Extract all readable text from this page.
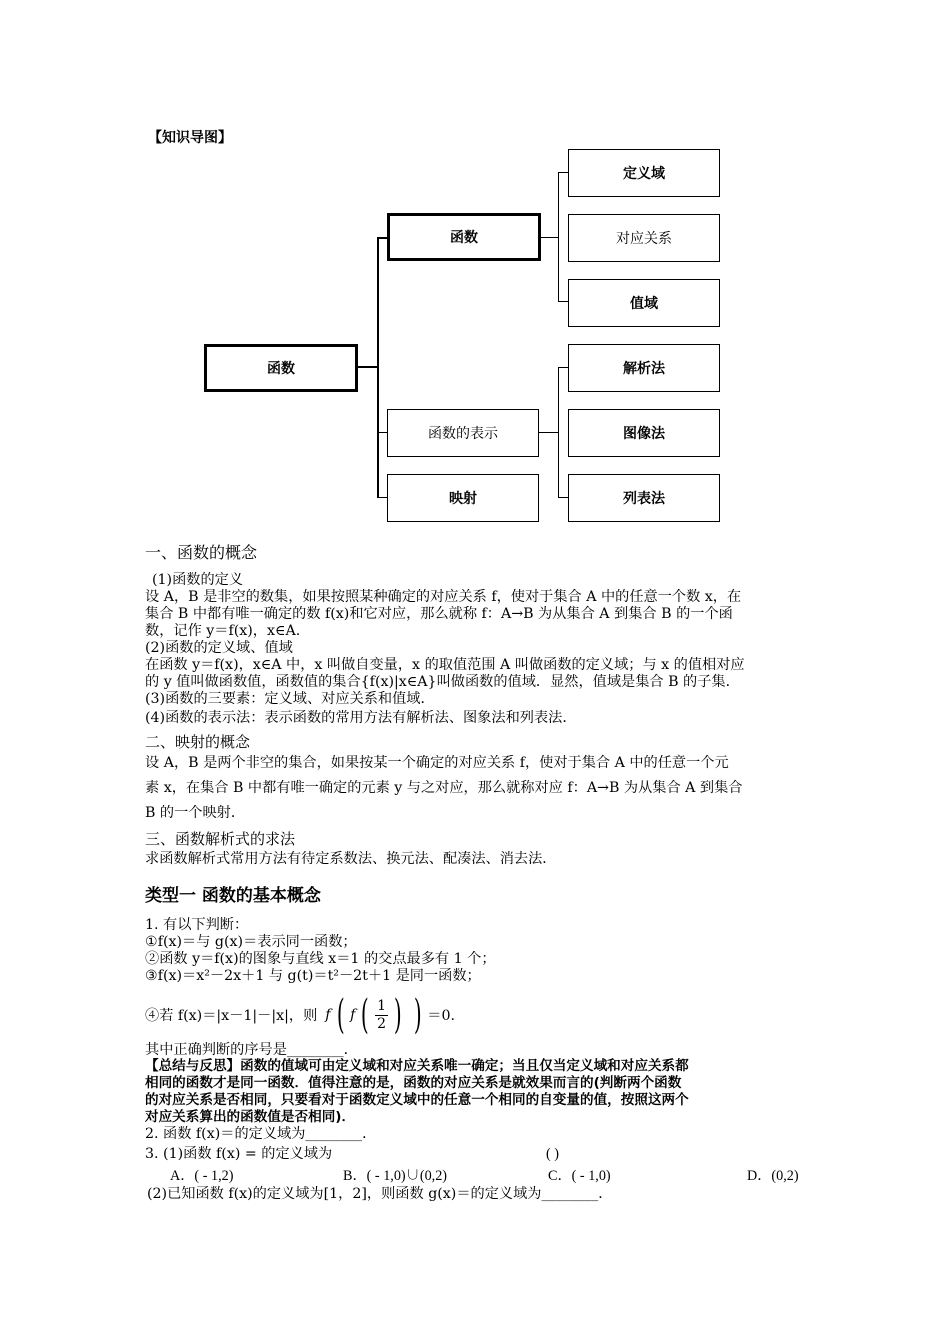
【知识导图】
函数
函数
函数的表示
映射
定义域
对应关系
值域
解析法
图像法
列表法
一、函数的概念
(1)函数的定义
设 A，B 是非空的数集，如果按照某种确定的对应关系 f，使对于集合 A 中的任意一个数 x，在
集合 B 中都有唯一确定的数 f(x)和它对应，那么就称 f：A→B 为从集合 A 到集合 B 的一个函
数，记作 y＝f(x)，x∈A.
(2)函数的定义域、值域
在函数 y＝f(x)，x∈A 中，x 叫做自变量，x 的取值范围 A 叫做函数的定义域；与 x 的值相对应
的 y 值叫做函数值，函数值的集合{f(x)|x∈A}叫做函数的值域．显然，值域是集合 B 的子集．
(3)函数的三要素：定义域、对应关系和值域．
(4)函数的表示法：表示函数的常用方法有解析法、图象法和列表法．
二、映射的概念
设 A，B 是两个非空的集合，如果按某一个确定的对应关系 f，使对于集合 A 中的任意一个元
素 x，在集合 B 中都有唯一确定的元素 y 与之对应，那么就称对应 f：A→B 为从集合 A 到集合
B 的一个映射．
三、函数解析式的求法
求函数解析式常用方法有待定系数法、换元法、配凑法、消去法．
类型一 函数的基本概念
1. 有以下判断：
①f(x)＝与 g(x)＝表示同一函数；
②函数 y＝f(x)的图象与直线 x＝1 的交点最多有 1 个；
③f(x)＝x²－2x＋1 与 g(t)＝t²－2t＋1 是同一函数；
④若 f(x)＝|x－1|－|x|，则 f ( f ( 1
2 ) ) ＝0.
其中正确判断的序号是________．
【总结与反思】函数的值域可由定义域和对应关系唯一确定；当且仅当定义域和对应关系都
相同的函数才是同一函数．值得注意的是，函数的对应关系是就效果而言的(判断两个函数
的对应关系是否相同，只要看对于函数定义域中的任意一个相同的自变量的值，按照这两个
对应关系算出的函数值是否相同)．
2. 函数 f(x)＝的定义域为________．
3. (1)函数 f(x) = 的定义域为	( )
A．( - 1,2)	B．( - 1,0)∪(0,2)	C．( - 1,0)	D．(0,2)
(2)已知函数 f(x)的定义域为[1，2]，则函数 g(x)＝的定义域为________．
